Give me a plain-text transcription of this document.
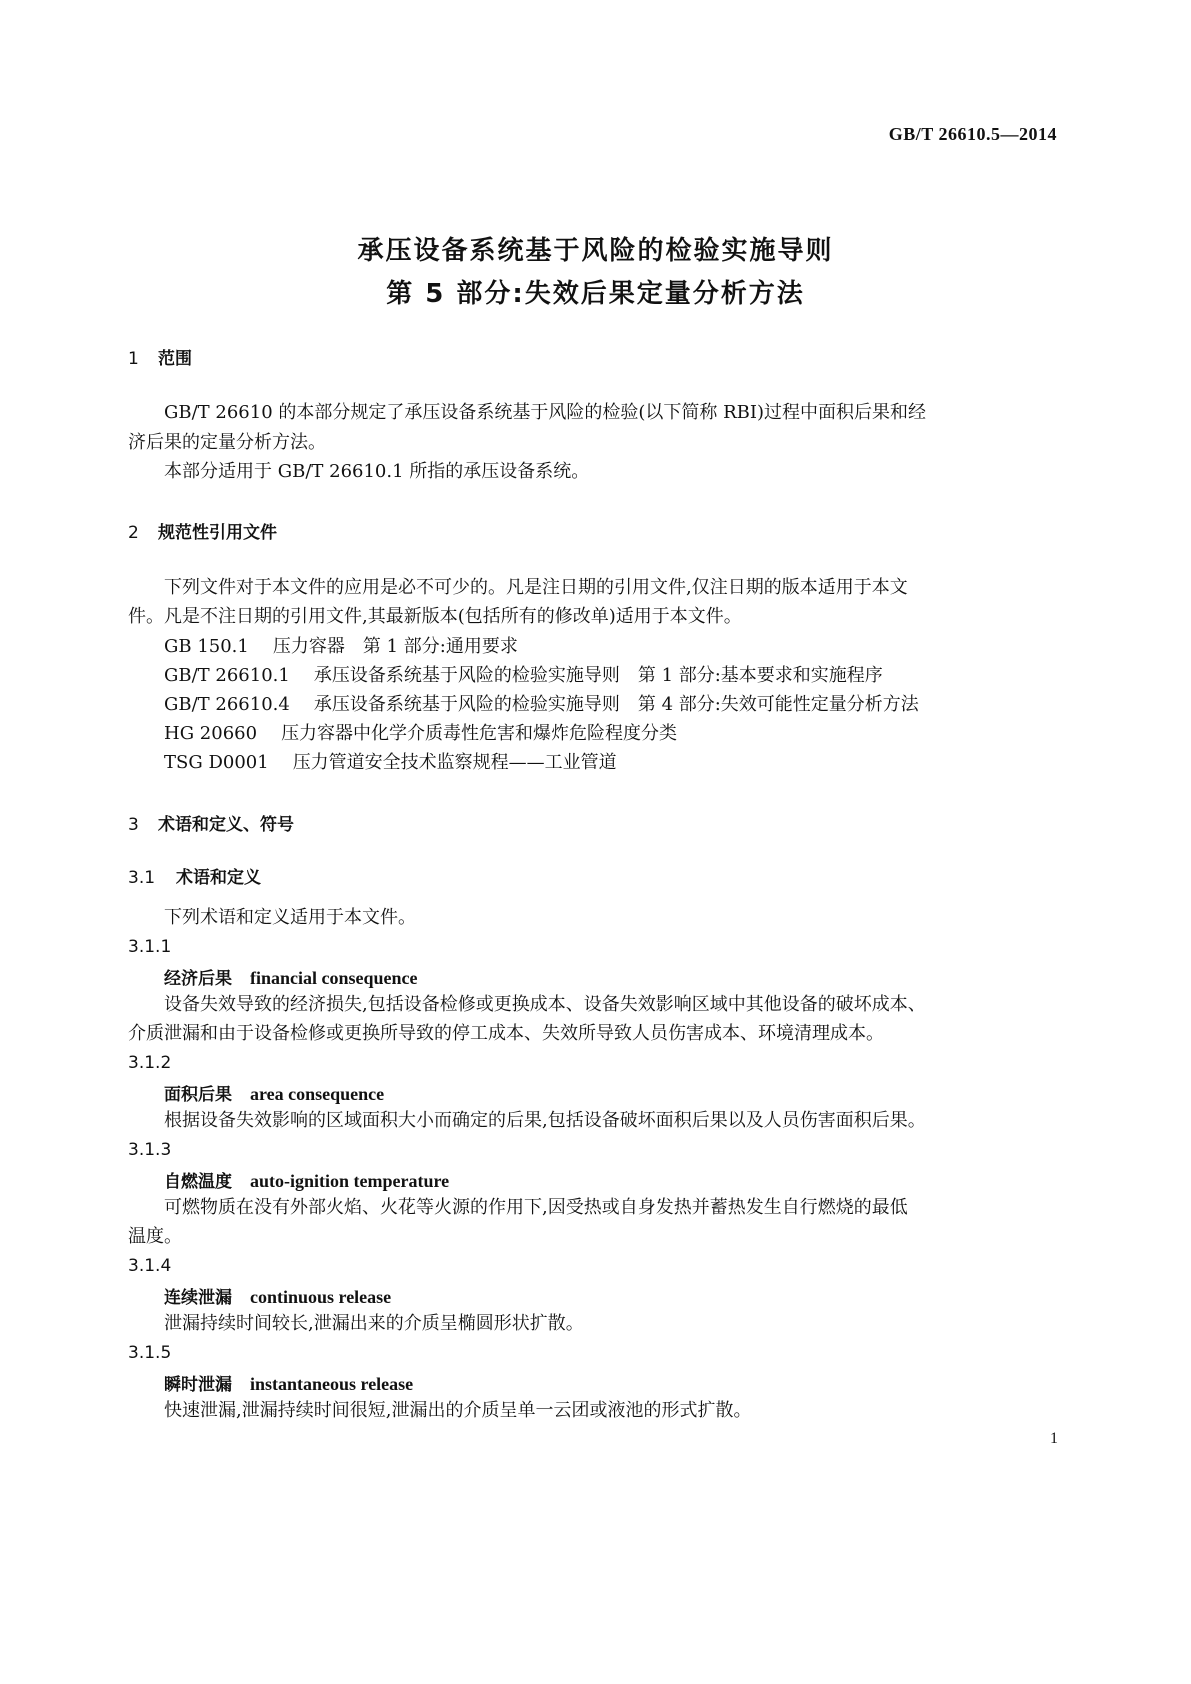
GB/T 26610.5—2014
承压设备系统基于风险的检验实施导则
第 5 部分:失效后果定量分析方法
1 范围
GB/T 26610 的本部分规定了承压设备系统基于风险的检验(以下简称 RBI)过程中面积后果和经
济后果的定量分析方法。
本部分适用于 GB/T 26610.1 所指的承压设备系统。
2 规范性引用文件
下列文件对于本文件的应用是必不可少的。凡是注日期的引用文件,仅注日期的版本适用于本文
件。凡是不注日期的引用文件,其最新版本(包括所有的修改单)适用于本文件。
GB 150.1 压力容器　第 1 部分:通用要求
GB/T 26610.1 承压设备系统基于风险的检验实施导则　第 1 部分:基本要求和实施程序
GB/T 26610.4 承压设备系统基于风险的检验实施导则　第 4 部分:失效可能性定量分析方法
HG 20660 压力容器中化学介质毒性危害和爆炸危险程度分类
TSG D0001 压力管道安全技术监察规程——工业管道
3 术语和定义、符号
3.1 术语和定义
下列术语和定义适用于本文件。
3.1.1
经济后果 financial consequence
设备失效导致的经济损失,包括设备检修或更换成本、设备失效影响区域中其他设备的破坏成本、
介质泄漏和由于设备检修或更换所导致的停工成本、失效所导致人员伤害成本、环境清理成本。
3.1.2
面积后果 area consequence
根据设备失效影响的区域面积大小而确定的后果,包括设备破坏面积后果以及人员伤害面积后果。
3.1.3
自燃温度 auto-ignition temperature
可燃物质在没有外部火焰、火花等火源的作用下,因受热或自身发热并蓄热发生自行燃烧的最低
温度。
3.1.4
连续泄漏 continuous release
泄漏持续时间较长,泄漏出来的介质呈椭圆形状扩散。
3.1.5
瞬时泄漏 instantaneous release
快速泄漏,泄漏持续时间很短,泄漏出的介质呈单一云团或液池的形式扩散。
1
